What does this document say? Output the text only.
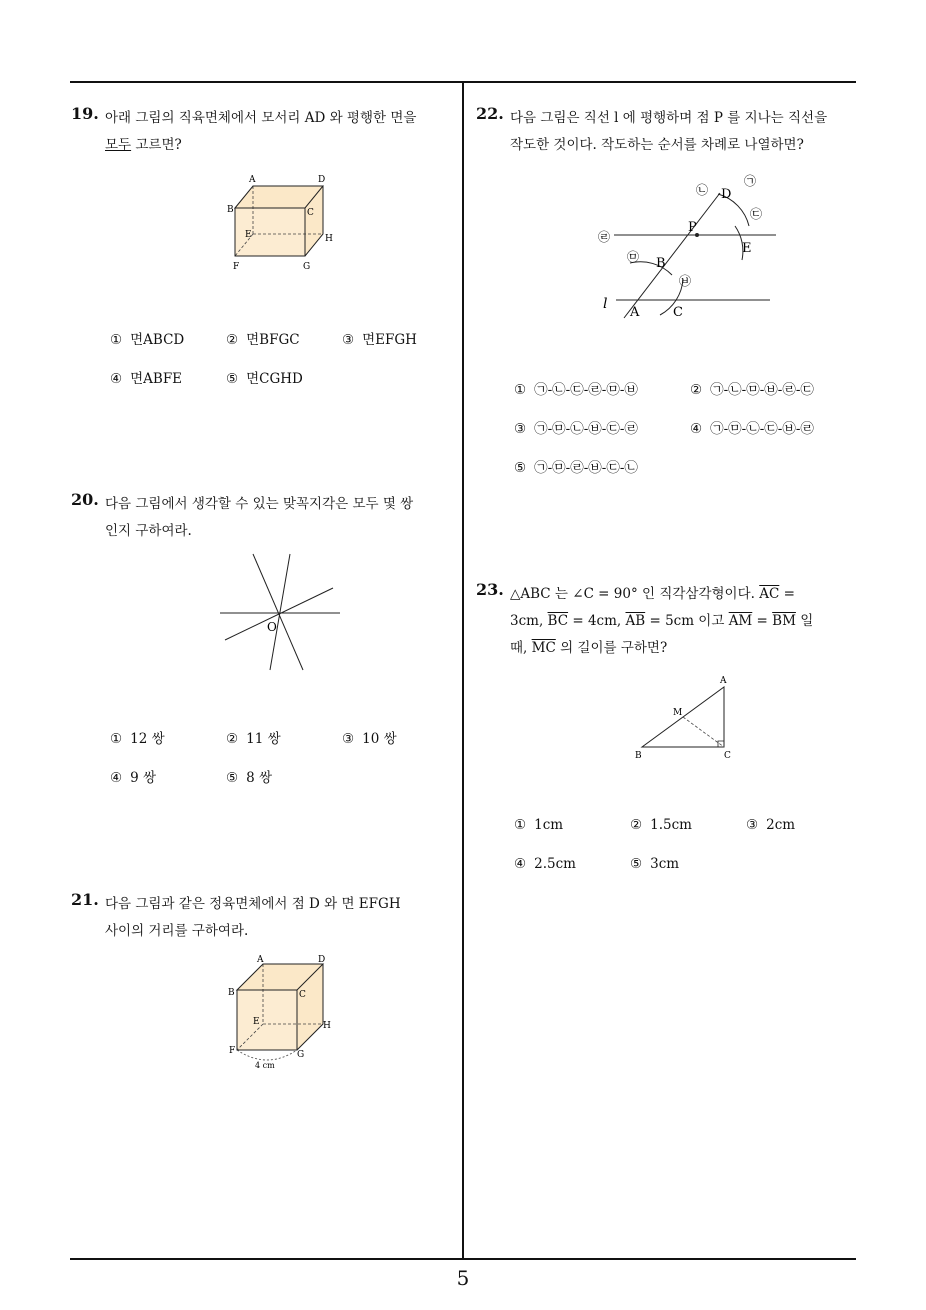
5
19. 아래 그림의 직육면체에서 모서리 AD 와 평행한 면을
모두 고르면?
A	D
B	C
E	H
F	G
① 면ABCD	② 면BFGC	③ 면EFGH
④ 면ABFE	⑤ 면CGHD
20. 다음 그림에서 생각할 수 있는 맞꼭지각은 모두 몇 쌍
인지 구하여라.
O
① 12 쌍	② 11 쌍	③ 10 쌍
④ 9 쌍	⑤ 8 쌍
21. 다음 그림과 같은 정육면체에서 점 D 와 면 EFGH
사이의 거리를 구하여라.
A	D
B	C
E	H
F	G
4 cm
22. 다음 그림은 직선 l 에 평행하며 점 P 를 지나는 직선을
작도한 것이다. 작도하는 순서를 차례로 나열하면?
l
A	C
B
P
D
E
㉠
㉡
㉢
㉣
㉤
㉥
① ㉠-㉡-㉢-㉣-㉤-㉥	② ㉠-㉡-㉤-㉥-㉣-㉢
③ ㉠-㉤-㉡-㉥-㉢-㉣	④ ㉠-㉤-㉡-㉢-㉥-㉣
⑤ ㉠-㉤-㉣-㉥-㉢-㉡
23. △ABC 는 ∠C = 90° 인 직각삼각형이다. $\overline{AC}$ =
3cm, $\overline{BC} = 4cm$, $\overline{AB} = 5cm$ 이고 $\overline{AM} = \overline{BM}$ 일
때, $\overline{MC}$ 의 길이를 구하면?
A
M
B	C
① 1cm	② 1.5cm	③ 2cm
④ 2.5cm	⑤ 3cm
